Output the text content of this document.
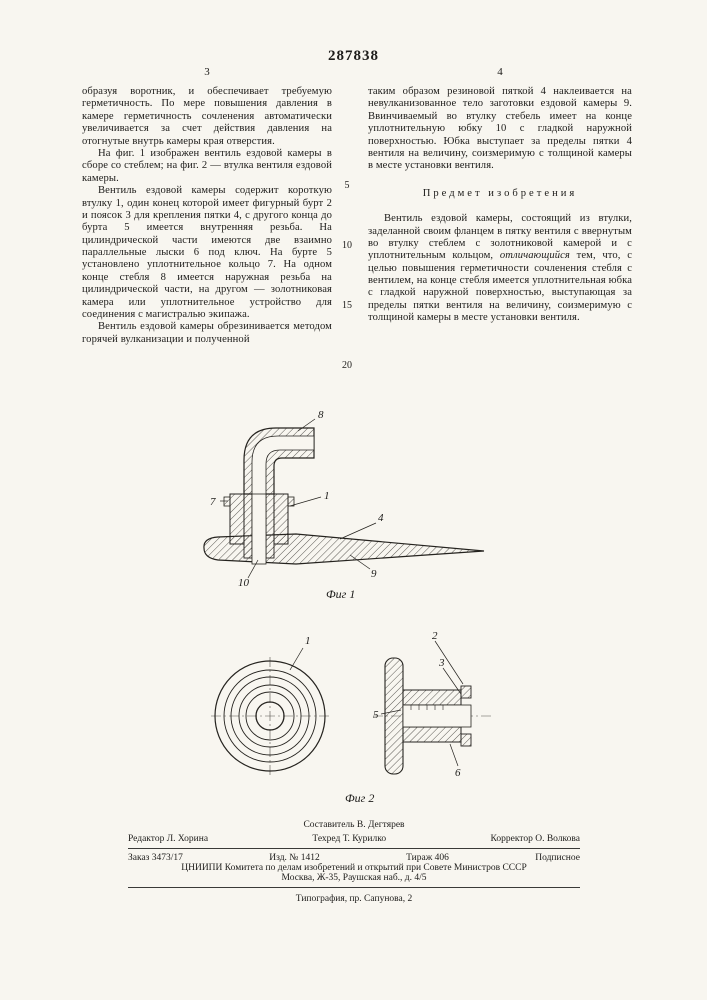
287838
3	4

образуя воротник, и обеспечивает требуемую герметичность. По мере повышения давления в камере герметичность сочленения автоматически увеличивается за счет действия давления на отогнутые внутрь камеры края отверстия.

На фиг. 1 изображен вентиль ездовой камеры в сборе со стеблем; на фиг. 2 — втулка вентиля ездовой камеры.

Вентиль ездовой камеры содержит короткую втулку 1, один конец которой имеет фигурный бурт 2 и поясок 3 для крепления пятки 4, с другого конца до бурта 5 имеется внутренняя резьба. На цилиндрической части имеются две взаимно параллельные лыски 6 под ключ. На бурте 5 установлено уплотнительное кольцо 7. На одном конце стебля 8 имеется наружная резьба на цилиндрической части, на другом — золотниковая камера или уплотнительное устройство для соединения с магистралью экипажа.

Вентиль ездовой камеры обрезинивается методом горячей вулканизации и полученной

таким образом резиновой пяткой 4 наклеивается на невулканизованное тело заготовки ездовой камеры 9. Ввинчиваемый во втулку стебель имеет на конце уплотнительную юбку 10 с гладкой наружной поверхностью. Юбка выступает за пределы пятки 4 вентиля на величину, соизмеримую с толщиной камеры в месте установки вентиля.

Предмет изобретения

Вентиль ездовой камеры, состоящий из втулки, заделанной своим фланцем в пятку вентиля с ввернутым во втулку стеблем с золотниковой камерой и с уплотнительным кольцом, отличающийся тем, что, с целью повышения герметичности сочленения стебля с вентилем, на конце стебля имеется уплотнительная юбка с гладкой наружной поверхностью, выступающая за пределы пятки вентиля на величину, соизмеримую с толщиной камеры в месте установки вентиля.

5
10
15
20
8
1
7
4
9
10
Фиг 1
1	2
3
5
6
Фиг 2
Составитель В. Дегтярев
Редактор Л. Хорина	Техред Т. Курилко	Корректор О. Волкова
Заказ 3473/17	Изд. № 1412	Тираж 406	Подписное
ЦНИИПИ Комитета по делам изобретений и открытий при Совете Министров СССР
Москва, Ж-35, Раушская наб., д. 4/5
Типография, пр. Сапунова, 2
